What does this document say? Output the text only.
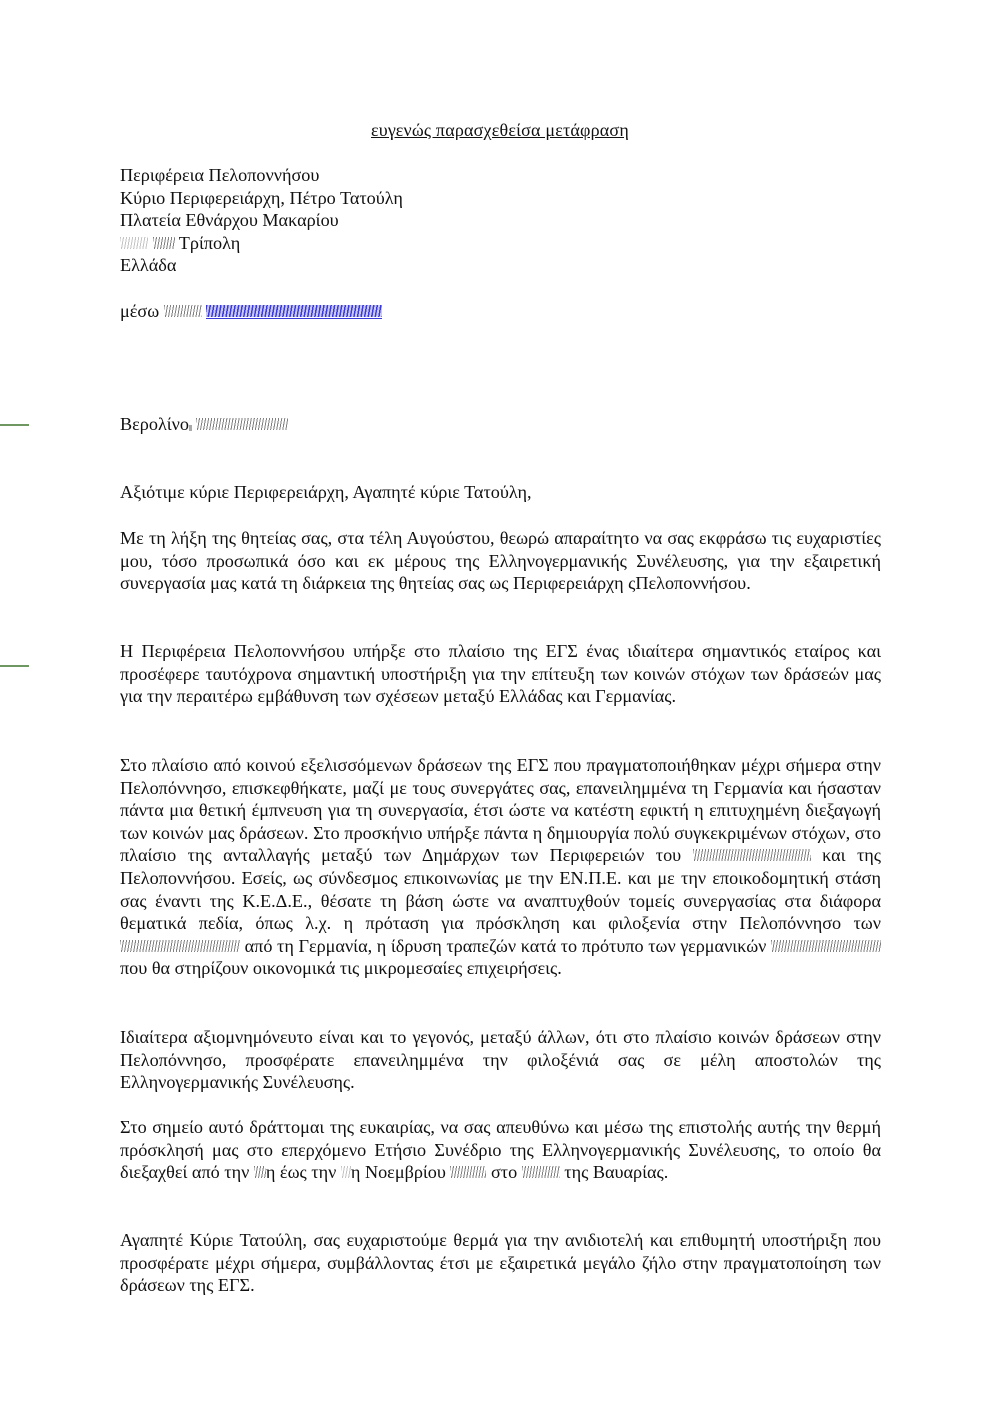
ευγενώς παρασχεθείσα μετάφραση
Περιφέρεια Πελοποννήσου
Κύριο Περιφερειάρχη, Πέτρο Τατούλη
Πλατεία Εθνάρχου Μακαρίου
Τρίπολη
Ελλάδα
μέσω
Βερολίνο
Αξιότιμε κύριε Περιφερειάρχη, Αγαπητέ κύριε Τατούλη,
Με τη λήξη της θητείας σας, στα τέλη Αυγούστου, θεωρώ απαραίτητο να σας εκφράσω τις ευχαριστίες μου, τόσο προσωπικά όσο και εκ μέρους της Ελληνογερμανικής Συνέλευσης, για την εξαιρετική συνεργασία μας κατά τη διάρκεια της θητείας σας ως Περιφερειάρχη ςΠελοποννήσου.
Η Περιφέρεια Πελοποννήσου υπήρξε στο πλαίσιο της ΕΓΣ ένας ιδιαίτερα σημαντικός εταίρος και προσέφερε ταυτόχρονα σημαντική υποστήριξη για την επίτευξη των κοινών στόχων των δράσεών μας για την περαιτέρω εμβάθυνση των σχέσεων μεταξύ Ελλάδας και Γερμανίας.
Στο πλαίσιο από κοινού εξελισσόμενων δράσεων της ΕΓΣ που πραγματοποιήθηκαν μέχρι σήμερα στην Πελοπόννησο, επισκεφθήκατε, μαζί με τους συνεργάτες σας, επανειλημμένα τη Γερμανία και ήσασταν πάντα μια θετική έμπνευση για τη συνεργασία, έτσι ώστε να κατέστη εφικτή η επιτυχημένη διεξαγωγή των κοινών μας δράσεων. Στο προσκήνιο υπήρξε πάντα η δημιουργία πολύ συγκεκριμένων στόχων, στο πλαίσιο της ανταλλαγής μεταξύ των Δημάρχων των Περιφερειών του	και της Πελοποννήσου. Εσείς, ως σύνδεσμος επικοινωνίας με την ΕΝ.Π.Ε. και με την εποικοδομητική στάση σας έναντι της Κ.Ε.Δ.Ε., θέσατε τη βάση ώστε να αναπτυχθούν τομείς συνεργασίας στα διάφορα θεματικά πεδία, όπως λ.χ. η πρόταση για πρόσκληση και φιλοξενία στην Πελοπόννησο των  από τη Γερμανία, η ίδρυση τραπεζών κατά το πρότυπο των γερμανικών  που θα στηρίζουν οικονομικά τις μικρομεσαίες επιχειρήσεις.
Ιδιαίτερα αξιομνημόνευτο είναι και το γεγονός, μεταξύ άλλων, ότι στο πλαίσιο κοινών δράσεων στην Πελοπόννησο, προσφέρατε επανειλημμένα την φιλοξένιά σας σε μέλη αποστολών της Ελληνογερμανικής Συνέλευσης.
Στο σημείο αυτό δράττομαι της ευκαιρίας, να σας απευθύνω και μέσω της επιστολής αυτής την θερμή πρόσκλησή μας στο επερχόμενο Ετήσιο Συνέδριο της Ελληνογερμανικής Συνέλευσης, το οποίο θα διεξαχθεί από την η έως την η Νοεμβρίου στο	της Βαυαρίας.
Αγαπητέ Κύριε Τατούλη, σας ευχαριστούμε θερμά για την ανιδιοτελή και επιθυμητή υποστήριξη που προσφέρατε μέχρι σήμερα, συμβάλλοντας έτσι με εξαιρετικά μεγάλο ζήλο στην πραγματοποίηση των δράσεων της ΕΓΣ.
